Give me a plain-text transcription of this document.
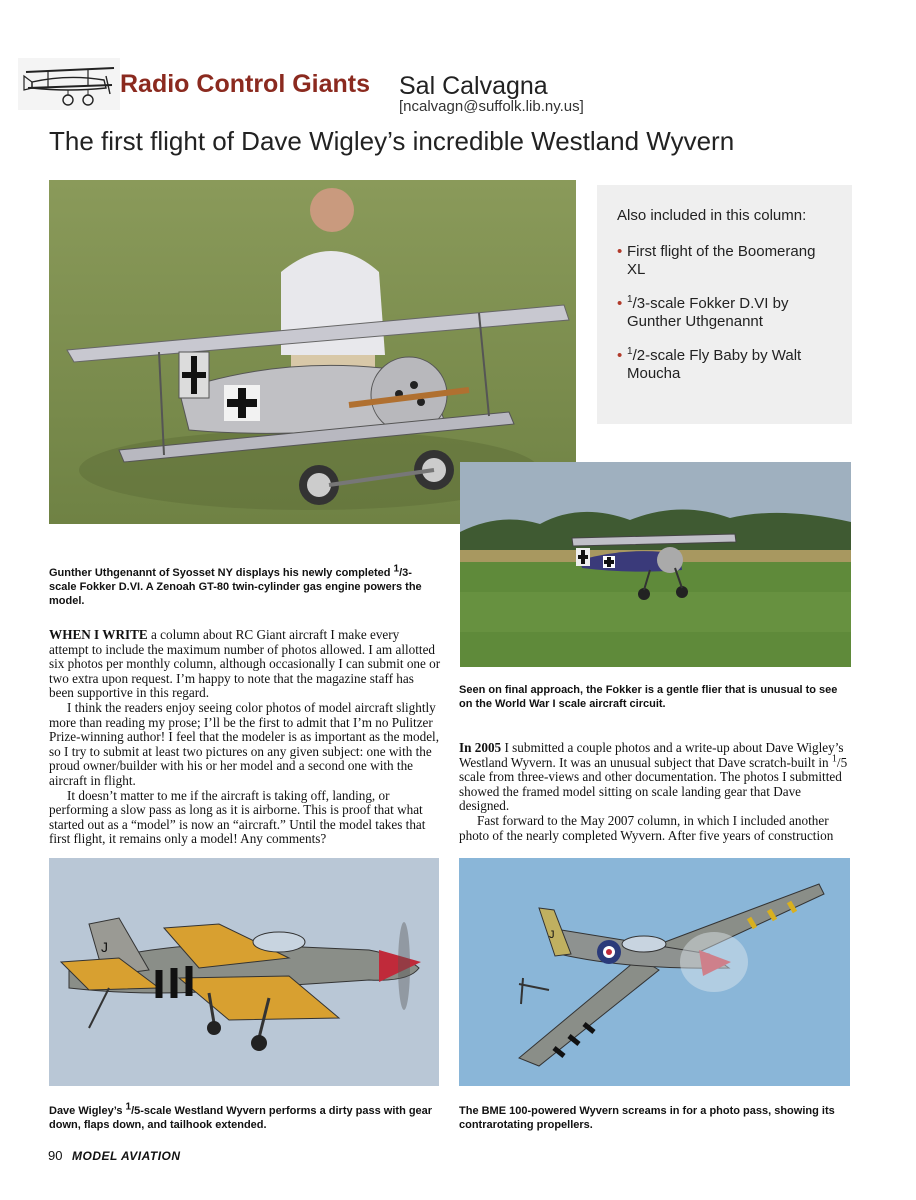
Radio Control Giants Sal Calvagna
[ncalvagn@suffolk.lib.ny.us]
The first flight of Dave Wigley’s incredible Westland Wyvern
Gunther Uthgenannt of Syosset NY displays his newly completed 1/3-scale Fokker D.VI. A Zenoah GT-80 twin-cylinder gas engine powers the model.
Also included in this column:
• First flight of the Boomerang XL
• $^1$/3-scale Fokker D.VI by Gunther Uthgenannt
• $^1$/2-scale Fly Baby by Walt Moucha
Seen on final approach, the Fokker is a gentle flier that is unusual to see on the World War I scale aircraft circuit.

WHEN I WRITE a column about RC Giant aircraft I make every attempt to include the maximum number of photos allowed. I am allotted six photos per monthly column, although occasionally I can submit one or two extra upon request. I’m happy to note that the magazine staff has been supportive in this regard.

I think the readers enjoy seeing color photos of model aircraft slightly more than reading my prose; I’ll be the first to admit that I’m no Pulitzer Prize-winning author! I feel that the modeler is as important as the model, so I try to submit at least two pictures on any given subject: one with the proud owner/builder with his or her model and a second one with the aircraft in flight.

It doesn’t matter to me if the aircraft is taking off, landing, or performing a slow pass as long as it is airborne. This is proof that what started out as a “model” is now an “aircraft.” Until the model takes that first flight, it remains only a model! Any comments?

In 2005 I submitted a couple photos and a write-up about Dave Wigley’s Westland Wyvern. It was an unusual subject that Dave scratch-built in $^1$/5 scale from three-views and other documentation. The photos I submitted showed the framed model sitting on scale landing gear that Dave designed.

Fast forward to the May 2007 column, in which I included another photo of the nearly completed Wyvern. After five years of construction

J
Dave Wigley’s 1/5-scale Westland Wyvern performs a dirty pass with gear down, flaps down, and tailhook extended.
J
The BME 100-powered Wyvern screams in for a photo pass, showing its contrarotating propellers.
90 MODEL AVIATION
